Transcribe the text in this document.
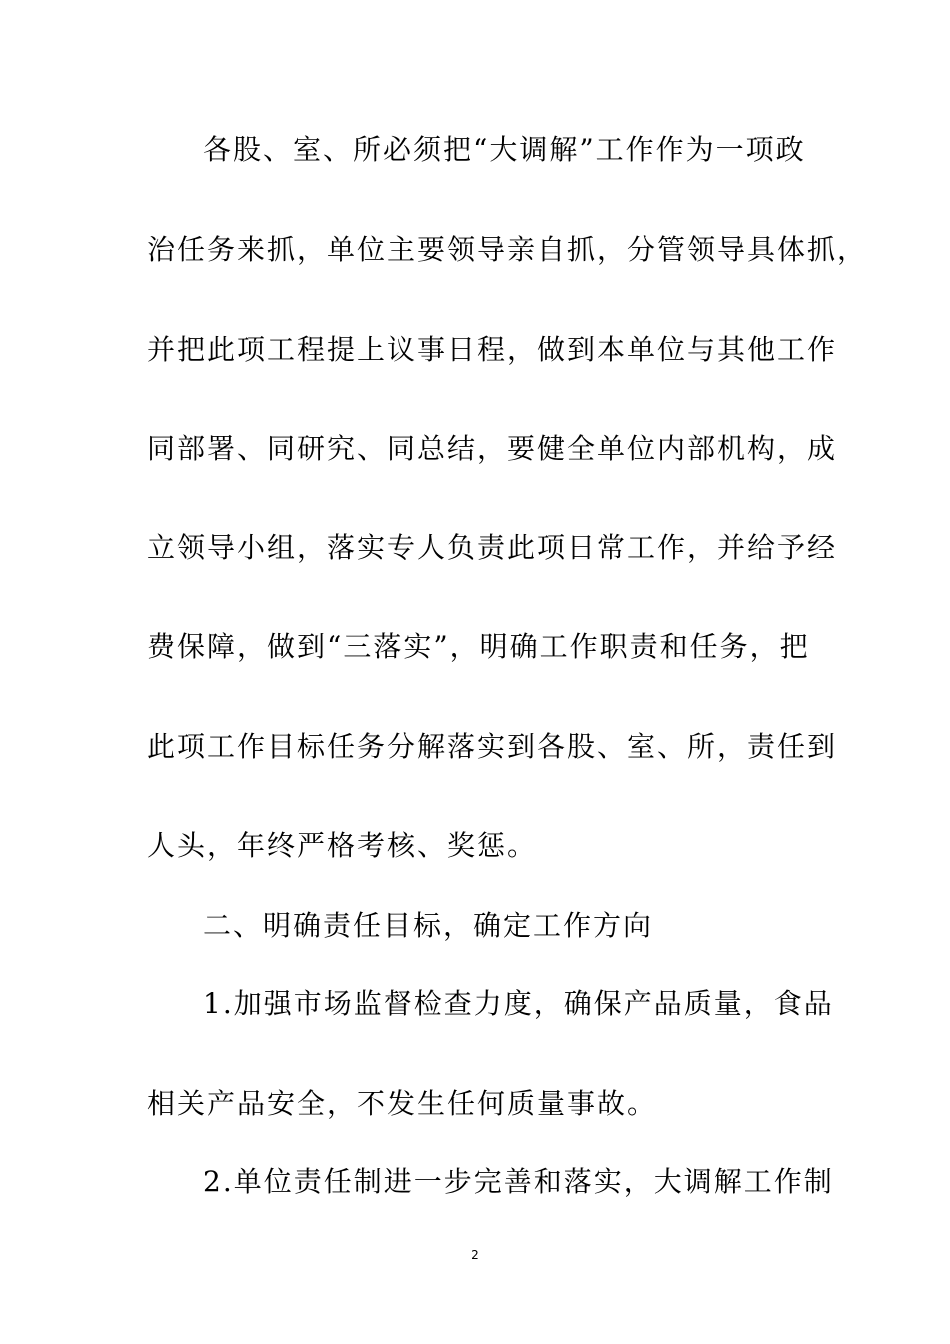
各股、室、所必须把“大调解”工作作为一项政
治任务来抓，单位主要领导亲自抓，分管领导具体抓，
并把此项工程提上议事日程，做到本单位与其他工作
同部署、同研究、同总结，要健全单位内部机构，成
立领导小组，落实专人负责此项日常工作，并给予经
费保障，做到“三落实”，明确工作职责和任务，把
此项工作目标任务分解落实到各股、室、所，责任到
人头，年终严格考核、奖惩。
二、明确责任目标，确定工作方向
1.加强市场监督检查力度，确保产品质量，食品
相关产品安全，不发生任何质量事故。
2.单位责任制进一步完善和落实，大调解工作制
2
